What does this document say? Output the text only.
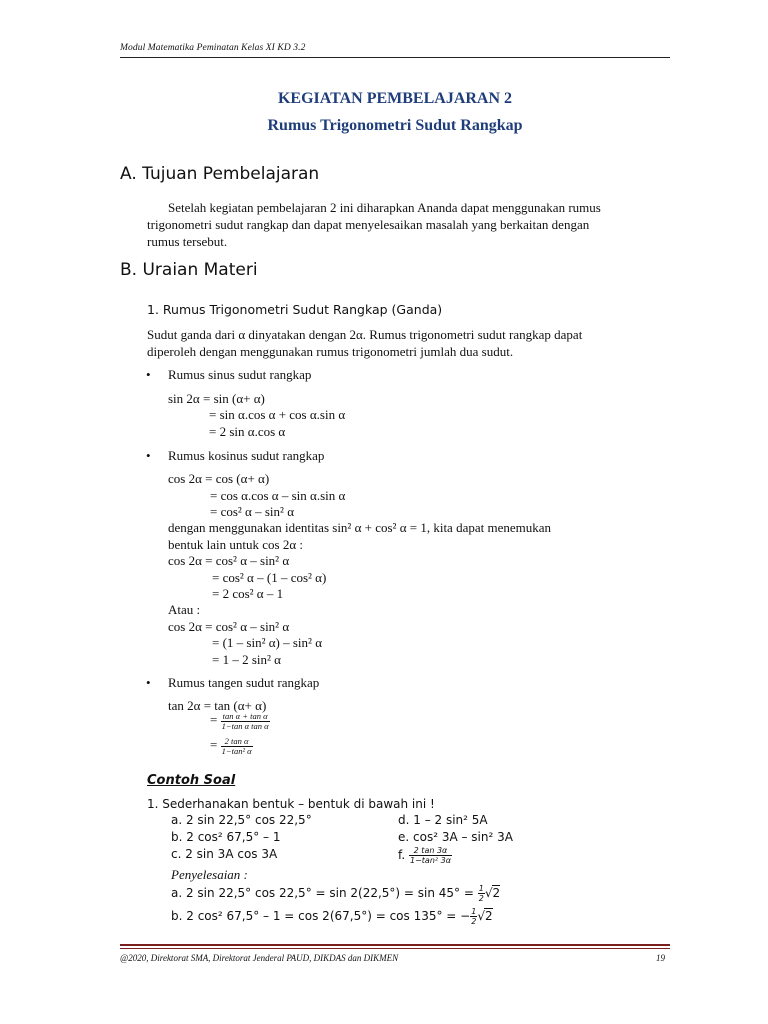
Modul Matematika Peminatan Kelas XI KD 3.2
KEGIATAN PEMBELAJARAN 2
Rumus Trigonometri Sudut Rangkap
A. Tujuan Pembelajaran
Setelah kegiatan pembelajaran 2 ini diharapkan Ananda dapat menggunakan rumus
trigonometri sudut rangkap dan dapat menyelesaikan masalah yang berkaitan dengan
rumus tersebut.
B. Uraian Materi
1. Rumus Trigonometri Sudut Rangkap (Ganda)
Sudut ganda dari α dinyatakan dengan 2α. Rumus trigonometri sudut rangkap dapat
diperoleh dengan menggunakan rumus trigonometri jumlah dua sudut.
• Rumus sinus sudut rangkap
sin 2α = sin (α+ α)
= sin α.cos α + cos α.sin α
= 2 sin α.cos α
• Rumus kosinus sudut rangkap
cos 2α = cos (α+ α)
= cos α.cos α – sin α.sin α
= cos² α – sin² α
dengan menggunakan identitas sin² α + cos² α = 1, kita dapat menemukan
bentuk lain untuk cos 2α :
cos 2α = cos² α – sin² α
= cos² α – (1 – cos² α)
= 2 cos² α – 1
Atau :
cos 2α = cos² α – sin² α
= (1 – sin² α) – sin² α
= 1 – 2 sin² α
• Rumus tangen sudut rangkap
tan 2α = tan (α+ α)
= $\frac{\text{tan α + tan α}}{\text{1−tan α tan α}}$
= $\frac{\text{2 tan α}}{\text{1−tan² α}}$
Contoh Soal
1. Sederhanakan bentuk – bentuk di bawah ini !
a. 2 sin 22,5° cos 22,5°
b. 2 cos² 67,5° – 1
c. 2 sin 3A cos 3A
d. 1 – 2 sin² 5A
e. cos² 3A – sin² 3A
f. $\frac{2 \tan 3\alpha}{\text{1−tan² 3α}}$
Penyelesaian :
a. 2 sin 22,5° $\cos 22,5^\circ = \sin 2(22,5^\circ) = \sin 45^\circ = \frac{1}{2} √2$
b. 2 cos² 67,5° – 1 = cos 2(67,5°) = cos 135° = − $\frac{1}{2} √2$
@2020, Direktorat SMA, Direktorat Jenderal PAUD, DIKDAS dan DIKMEN	19
